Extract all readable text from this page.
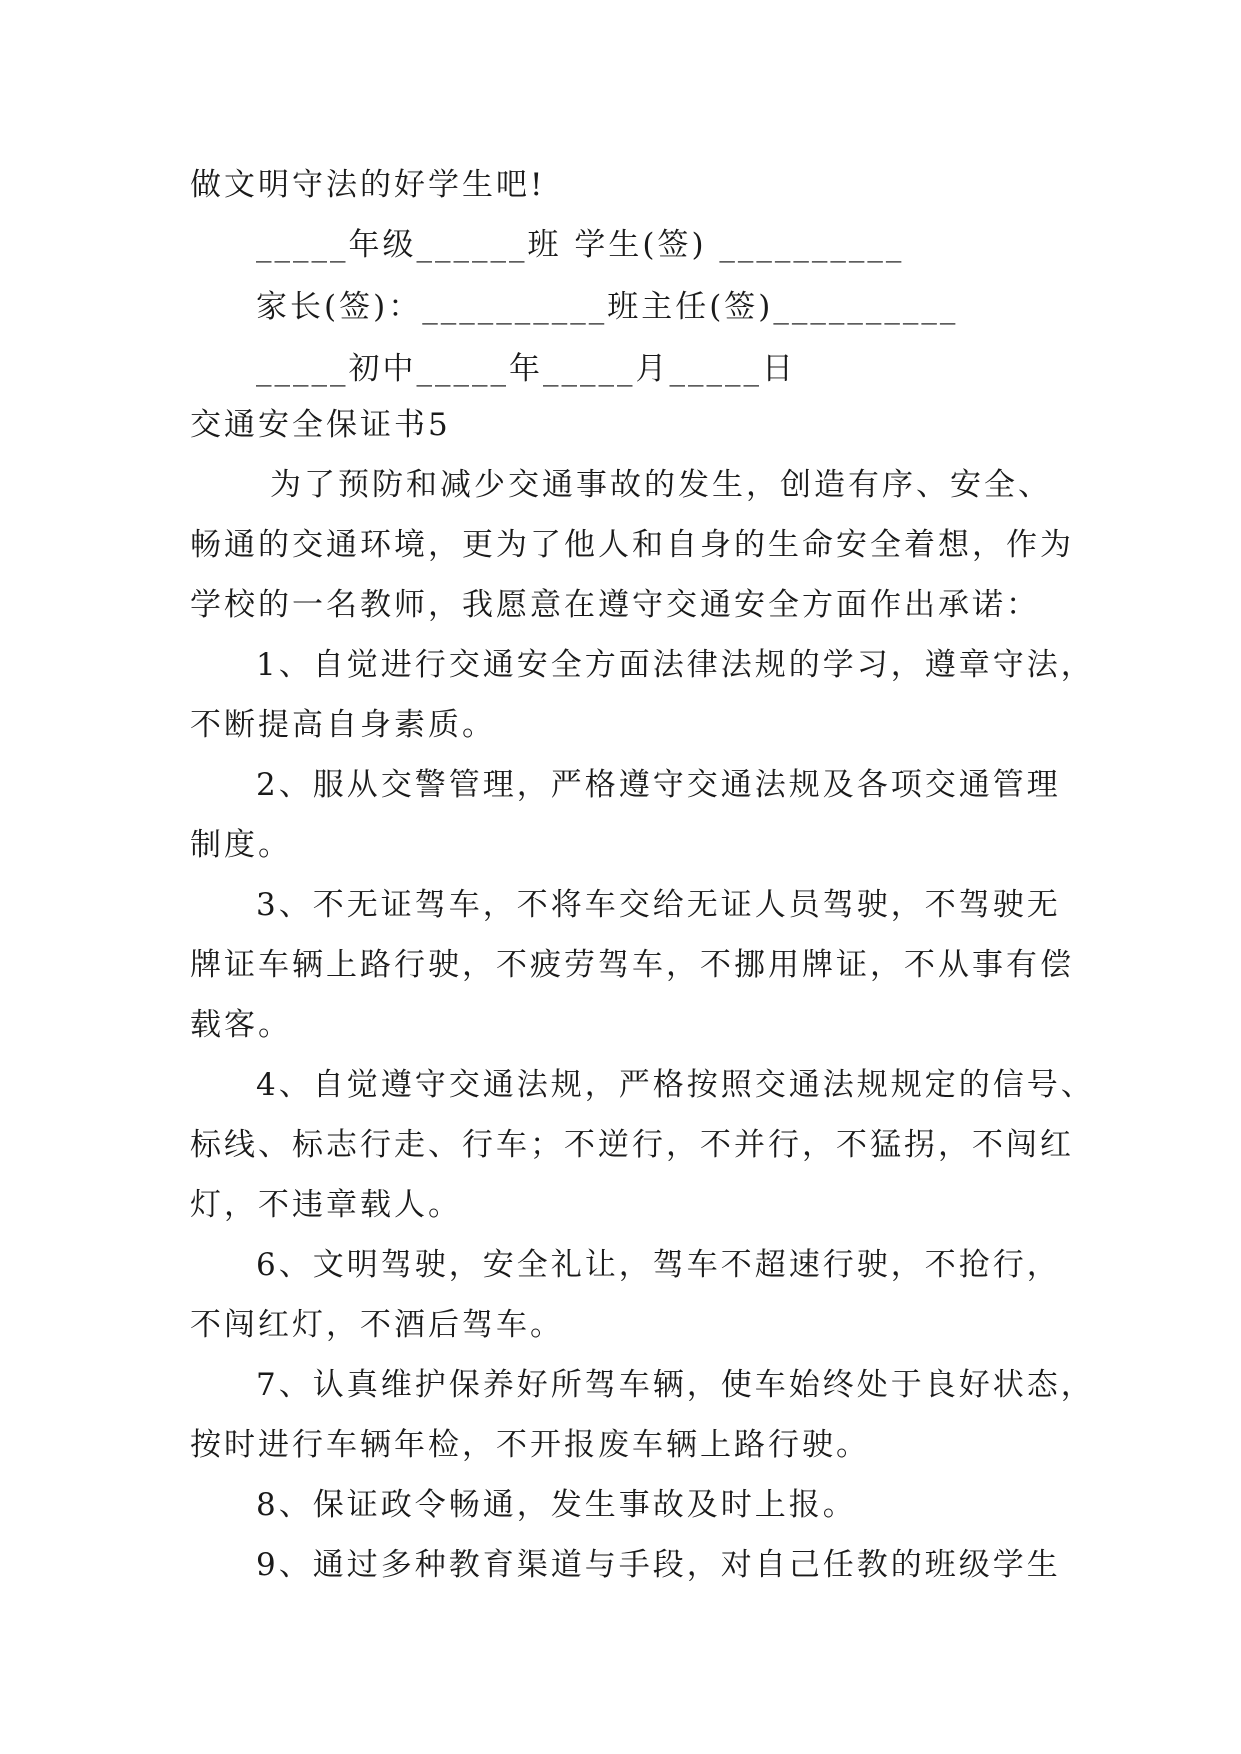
做文明守法的好学生吧!
_____年级______班 学生(签) __________
家长(签)：__________班主任(签)__________
_____初中_____年_____月_____日
交通安全保证书5
为了预防和减少交通事故的发生，创造有序、安全、
畅通的交通环境，更为了他人和自身的生命安全着想，作为
学校的一名教师，我愿意在遵守交通安全方面作出承诺：
1、自觉进行交通安全方面法律法规的学习，遵章守法，
不断提高自身素质。
2、服从交警管理，严格遵守交通法规及各项交通管理
制度。
3、不无证驾车，不将车交给无证人员驾驶，不驾驶无
牌证车辆上路行驶，不疲劳驾车，不挪用牌证，不从事有偿
载客。
4、自觉遵守交通法规，严格按照交通法规规定的信号、
标线、标志行走、行车；不逆行，不并行，不猛拐，不闯红
灯，不违章载人。
6、文明驾驶，安全礼让，驾车不超速行驶，不抢行，
不闯红灯，不酒后驾车。
7、认真维护保养好所驾车辆，使车始终处于良好状态，
按时进行车辆年检，不开报废车辆上路行驶。
8、保证政令畅通，发生事故及时上报。
9、通过多种教育渠道与手段，对自己任教的班级学生
